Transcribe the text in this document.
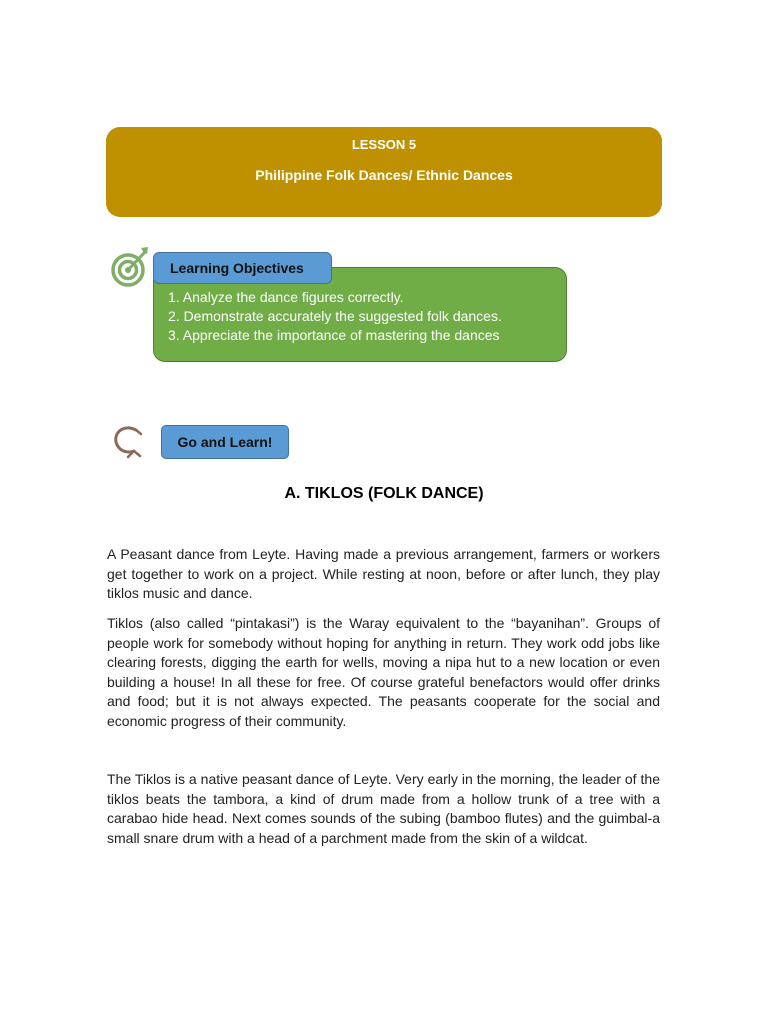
LESSON 5
Philippine Folk Dances/ Ethnic Dances
1. Analyze the dance figures correctly.
2. Demonstrate accurately the suggested folk dances.
3. Appreciate the importance of mastering the dances
Learning Objectives
Go and Learn!
A. TIKLOS (FOLK DANCE)

A Peasant dance from Leyte. Having made a previous arrangement, farmers or workers get together to work on a project. While resting at noon, before or after lunch, they play tiklos music and dance.

Tiklos (also called “pintakasi”) is the Waray equivalent to the “bayanihan”. Groups of people work for somebody without hoping for anything in return. They work odd jobs like clearing forests, digging the earth for wells, moving a nipa hut to a new location or even building a house! In all these for free. Of course grateful benefactors would offer drinks and food; but it is not always expected. The peasants cooperate for the social and economic progress of their community.

The Tiklos is a native peasant dance of Leyte. Very early in the morning, the leader of the tiklos beats the tambora, a kind of drum made from a hollow trunk of a tree with a carabao hide head. Next comes sounds of the subing (bamboo flutes) and the guimbal-a small snare drum with a head of a parchment made from the skin of a wildcat.
